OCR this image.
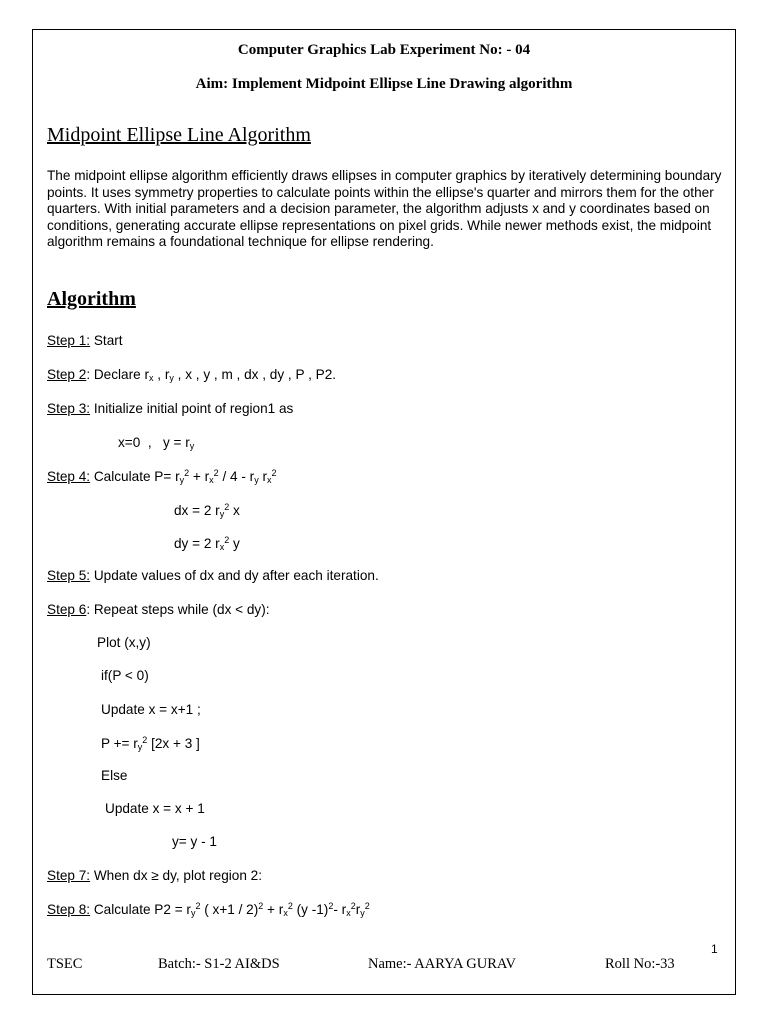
Computer Graphics Lab Experiment No: - 04
Aim: Implement Midpoint Ellipse Line Drawing algorithm
Midpoint Ellipse Line Algorithm
The midpoint ellipse algorithm efficiently draws ellipses in computer graphics by iteratively determining boundary points. It uses symmetry properties to calculate points within the ellipse's quarter and mirrors them for the other quarters. With initial parameters and a decision parameter, the algorithm adjusts x and y coordinates based on conditions, generating accurate ellipse representations on pixel grids. While newer methods exist, the midpoint algorithm remains a foundational technique for ellipse rendering.
Algorithm
Step 1: Start
Step 2: Declare $r_x$ , $r_y$ , x , y , m , dx , dy , P , P2.
Step 3: Initialize initial point of region1 as
x=0  ,   $y = r_y$
Step 4: Calculate $P= r_y^2 + r_x^2 / 4 - r_y$ $r_x^2$
dx = 2 $r_y^2$ x
dy = 2 $r_x^2$ y
Step 5: Update values of dx and dy after each iteration.
Step 6: Repeat steps while (dx < dy):
Plot (x,y)
if(P < 0)
Update x = x+1 ;
$P += r_y^2$ [2x + 3 ]
Else
Update x = x + 1
y= y - 1
Step 7: When dx ≥ dy, plot region 2:
Step 8: Calculate $P2 = r_y^2$ ( $x+1 / 2)^2 + r_x^2$ (y -1)$^2$- $r_x^2r_y^2$
1
TSEC	Batch:- S1-2 AI&DS	Name:- AARYA GURAV	Roll No:-33
